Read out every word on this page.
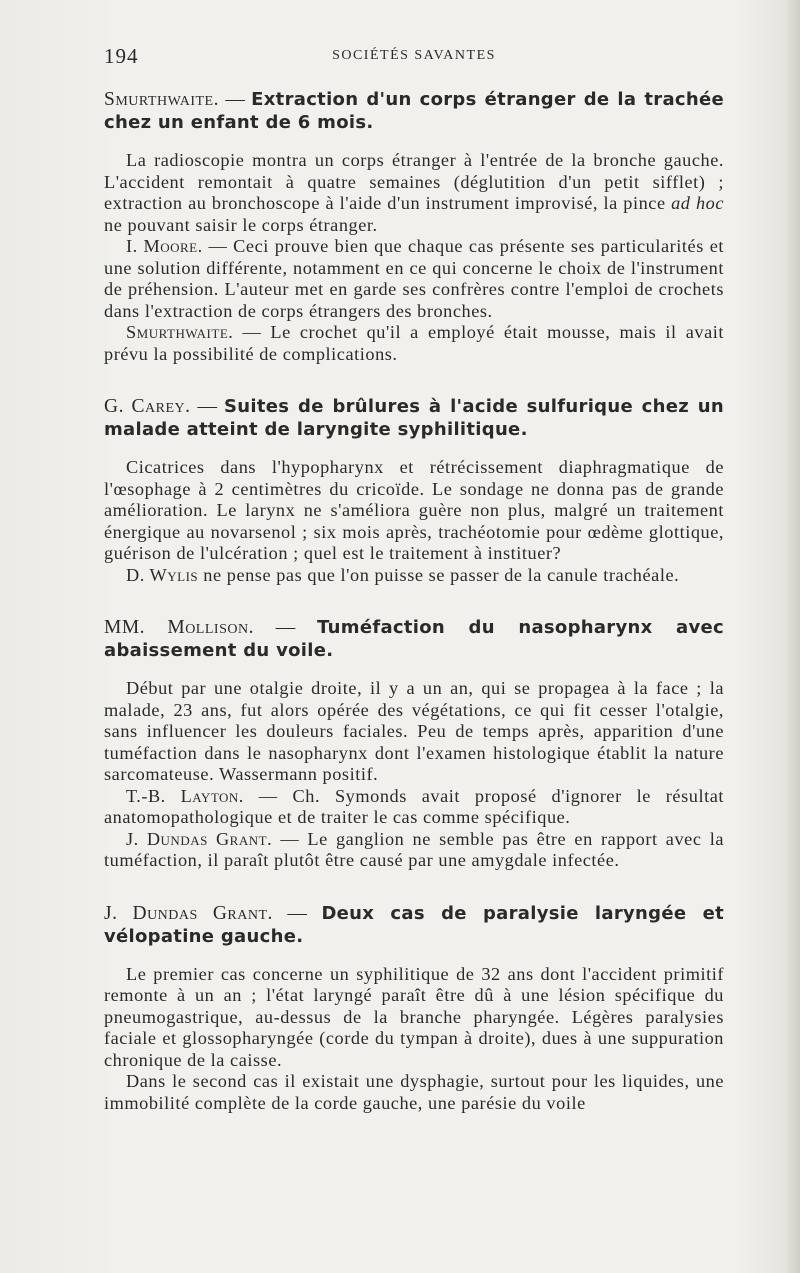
194	SOCIÉTÉS SAVANTES
Smurthwaite. — Extraction d'un corps étranger de la trachée chez un enfant de 6 mois.

La radioscopie montra un corps étranger à l'entrée de la bronche gauche. L'accident remontait à quatre semaines (déglutition d'un petit sifflet) ; extraction au bronchoscope à l'aide d'un instrument improvisé, la pince ad hoc ne pouvant saisir le corps étranger.

I. Moore. — Ceci prouve bien que chaque cas présente ses particularités et une solution différente, notamment en ce qui concerne le choix de l'instrument de préhension. L'auteur met en garde ses confrères contre l'emploi de crochets dans l'extraction de corps étrangers des bronches.

Smurthwaite. — Le crochet qu'il a employé était mousse, mais il avait prévu la possibilité de complications.

G. Carey. — Suites de brûlures à l'acide sulfurique chez un malade atteint de laryngite syphilitique.

Cicatrices dans l'hypopharynx et rétrécissement diaphragmatique de l'œsophage à 2 centimètres du cricoïde. Le sondage ne donna pas de grande amélioration. Le larynx ne s'améliora guère non plus, malgré un traitement énergique au novarsenol ; six mois après, trachéotomie pour œdème glottique, guérison de l'ulcération ; quel est le traitement à instituer?

D. Wylis ne pense pas que l'on puisse se passer de la canule trachéale.

MM. Mollison. — Tuméfaction du nasopharynx avec abaissement du voile.

Début par une otalgie droite, il y a un an, qui se propagea à la face ; la malade, 23 ans, fut alors opérée des végétations, ce qui fit cesser l'otalgie, sans influencer les douleurs faciales. Peu de temps après, apparition d'une tuméfaction dans le nasopharynx dont l'examen histologique établit la nature sarcomateuse. Wassermann positif.

T.-B. Layton. — Ch. Symonds avait proposé d'ignorer le résultat anatomopathologique et de traiter le cas comme spécifique.

J. Dundas Grant. — Le ganglion ne semble pas être en rapport avec la tuméfaction, il paraît plutôt être causé par une amygdale infectée.

J. Dundas Grant. — Deux cas de paralysie laryngée et vélopatine gauche.

Le premier cas concerne un syphilitique de 32 ans dont l'accident primitif remonte à un an ; l'état laryngé paraît être dû à une lésion spécifique du pneumogastrique, au-dessus de la branche pharyngée. Légères paralysies faciale et glossopharyngée (corde du tympan à droite), dues à une suppuration chronique de la caisse.

Dans le second cas il existait une dysphagie, surtout pour les liquides, une immobilité complète de la corde gauche, une parésie du voile
